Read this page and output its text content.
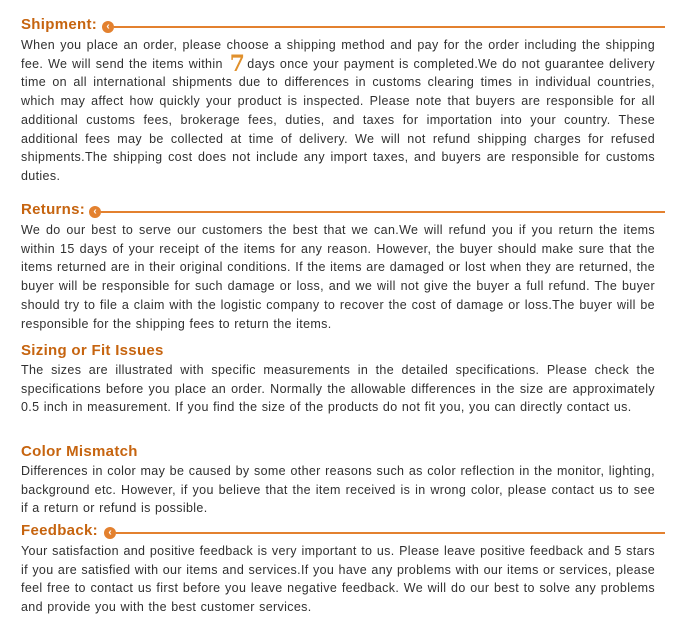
Shipment: ‹
When you place an order, please choose a shipping method and pay for the order including the shipping fee. We will send the items within 7 days once your payment is completed.We do not guarantee delivery time on all international shipments due to differences in customs clearing times in individual countries, which may affect how quickly your product is inspected. Please note that buyers are responsible for all additional customs fees, brokerage fees, duties, and taxes for importation into your country. These additional fees may be collected at time of delivery. We will not refund shipping charges for refused shipments.The shipping cost does not include any import taxes, and buyers are responsible for customs duties.
Returns: ‹
We do our best to serve our customers the best that we can.We will refund you if you return the items within 15 days of your receipt of the items for any reason. However, the buyer should make sure that the items returned are in their original conditions. If the items are damaged or lost when they are returned, the buyer will be responsible for such damage or loss, and we will not give the buyer a full refund. The buyer should try to file a claim with the logistic company to recover the cost of damage or loss.The buyer will be responsible for the shipping fees to return the items.
Sizing or Fit Issues
The sizes are illustrated with specific measurements in the detailed specifications. Please check the specifications before you place an order. Normally the allowable differences in the size are approximately 0.5 inch in measurement. If you find the size of the products do not fit you, you can directly contact us.
Color Mismatch
Differences in color may be caused by some other reasons such as color reflection in the monitor, lighting, background etc. However, if you believe that the item received is in wrong color, please contact us to see if a return or refund is possible.
Feedback:	‹
Your satisfaction and positive feedback is very important to us. Please leave positive feedback and 5 stars if you are satisfied with our items and services.If you have any problems with our items or services, please feel free to contact us first before you leave negative feedback. We will do our best to solve any problems and provide you with the best customer services.
